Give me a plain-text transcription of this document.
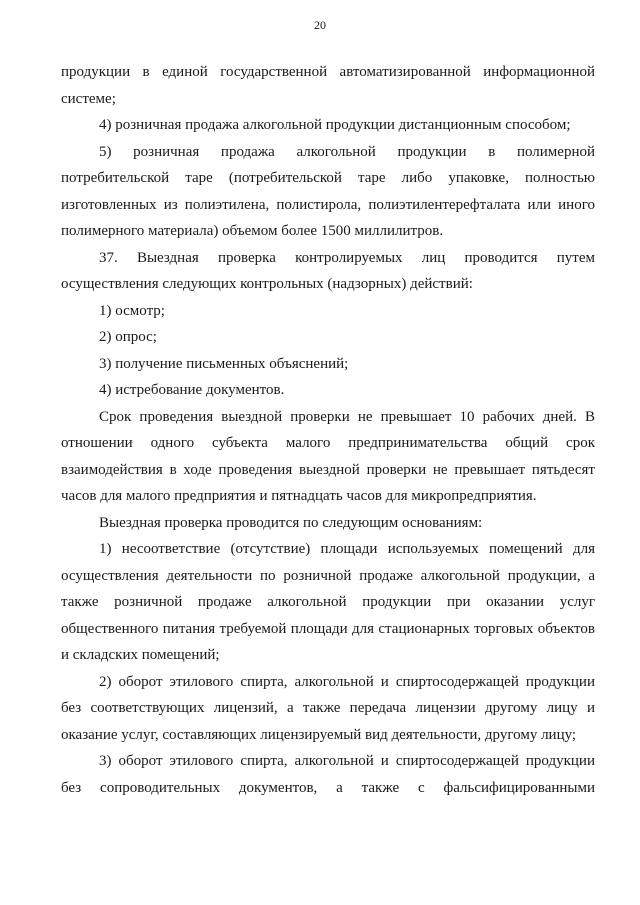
20

продукции в единой государственной автоматизированной информационной системе;

4) розничная продажа алкогольной продукции дистанционным способом;

5) розничная продажа алкогольной продукции в полимерной потребительской таре (потребительской таре либо упаковке, полностью изготовленных из полиэтилена, полистирола, полиэтилентерефталата или иного полимерного материала) объемом более 1500 миллилитров.

37. Выездная проверка контролируемых лиц проводится путем осуществления следующих контрольных (надзорных) действий:

1) осмотр;

2) опрос;

3) получение письменных объяснений;

4) истребование документов.

Срок проведения выездной проверки не превышает 10 рабочих дней. В отношении одного субъекта малого предпринимательства общий срок взаимодействия в ходе проведения выездной проверки не превышает пятьдесят часов для малого предприятия и пятнадцать часов для микропредприятия.

Выездная проверка проводится по следующим основаниям:

1) несоответствие (отсутствие) площади используемых помещений для осуществления деятельности по розничной продаже алкогольной продукции, а также розничной продаже алкогольной продукции при оказании услуг общественного питания требуемой площади для стационарных торговых объектов и складских помещений;

2) оборот этилового спирта, алкогольной и спиртосодержащей продукции без соответствующих лицензий, а также передача лицензии другому лицу и оказание услуг, составляющих лицензируемый вид деятельности, другому лицу;

3) оборот этилового спирта, алкогольной и спиртосодержащей продукции без сопроводительных документов, а также с фальсифицированными
